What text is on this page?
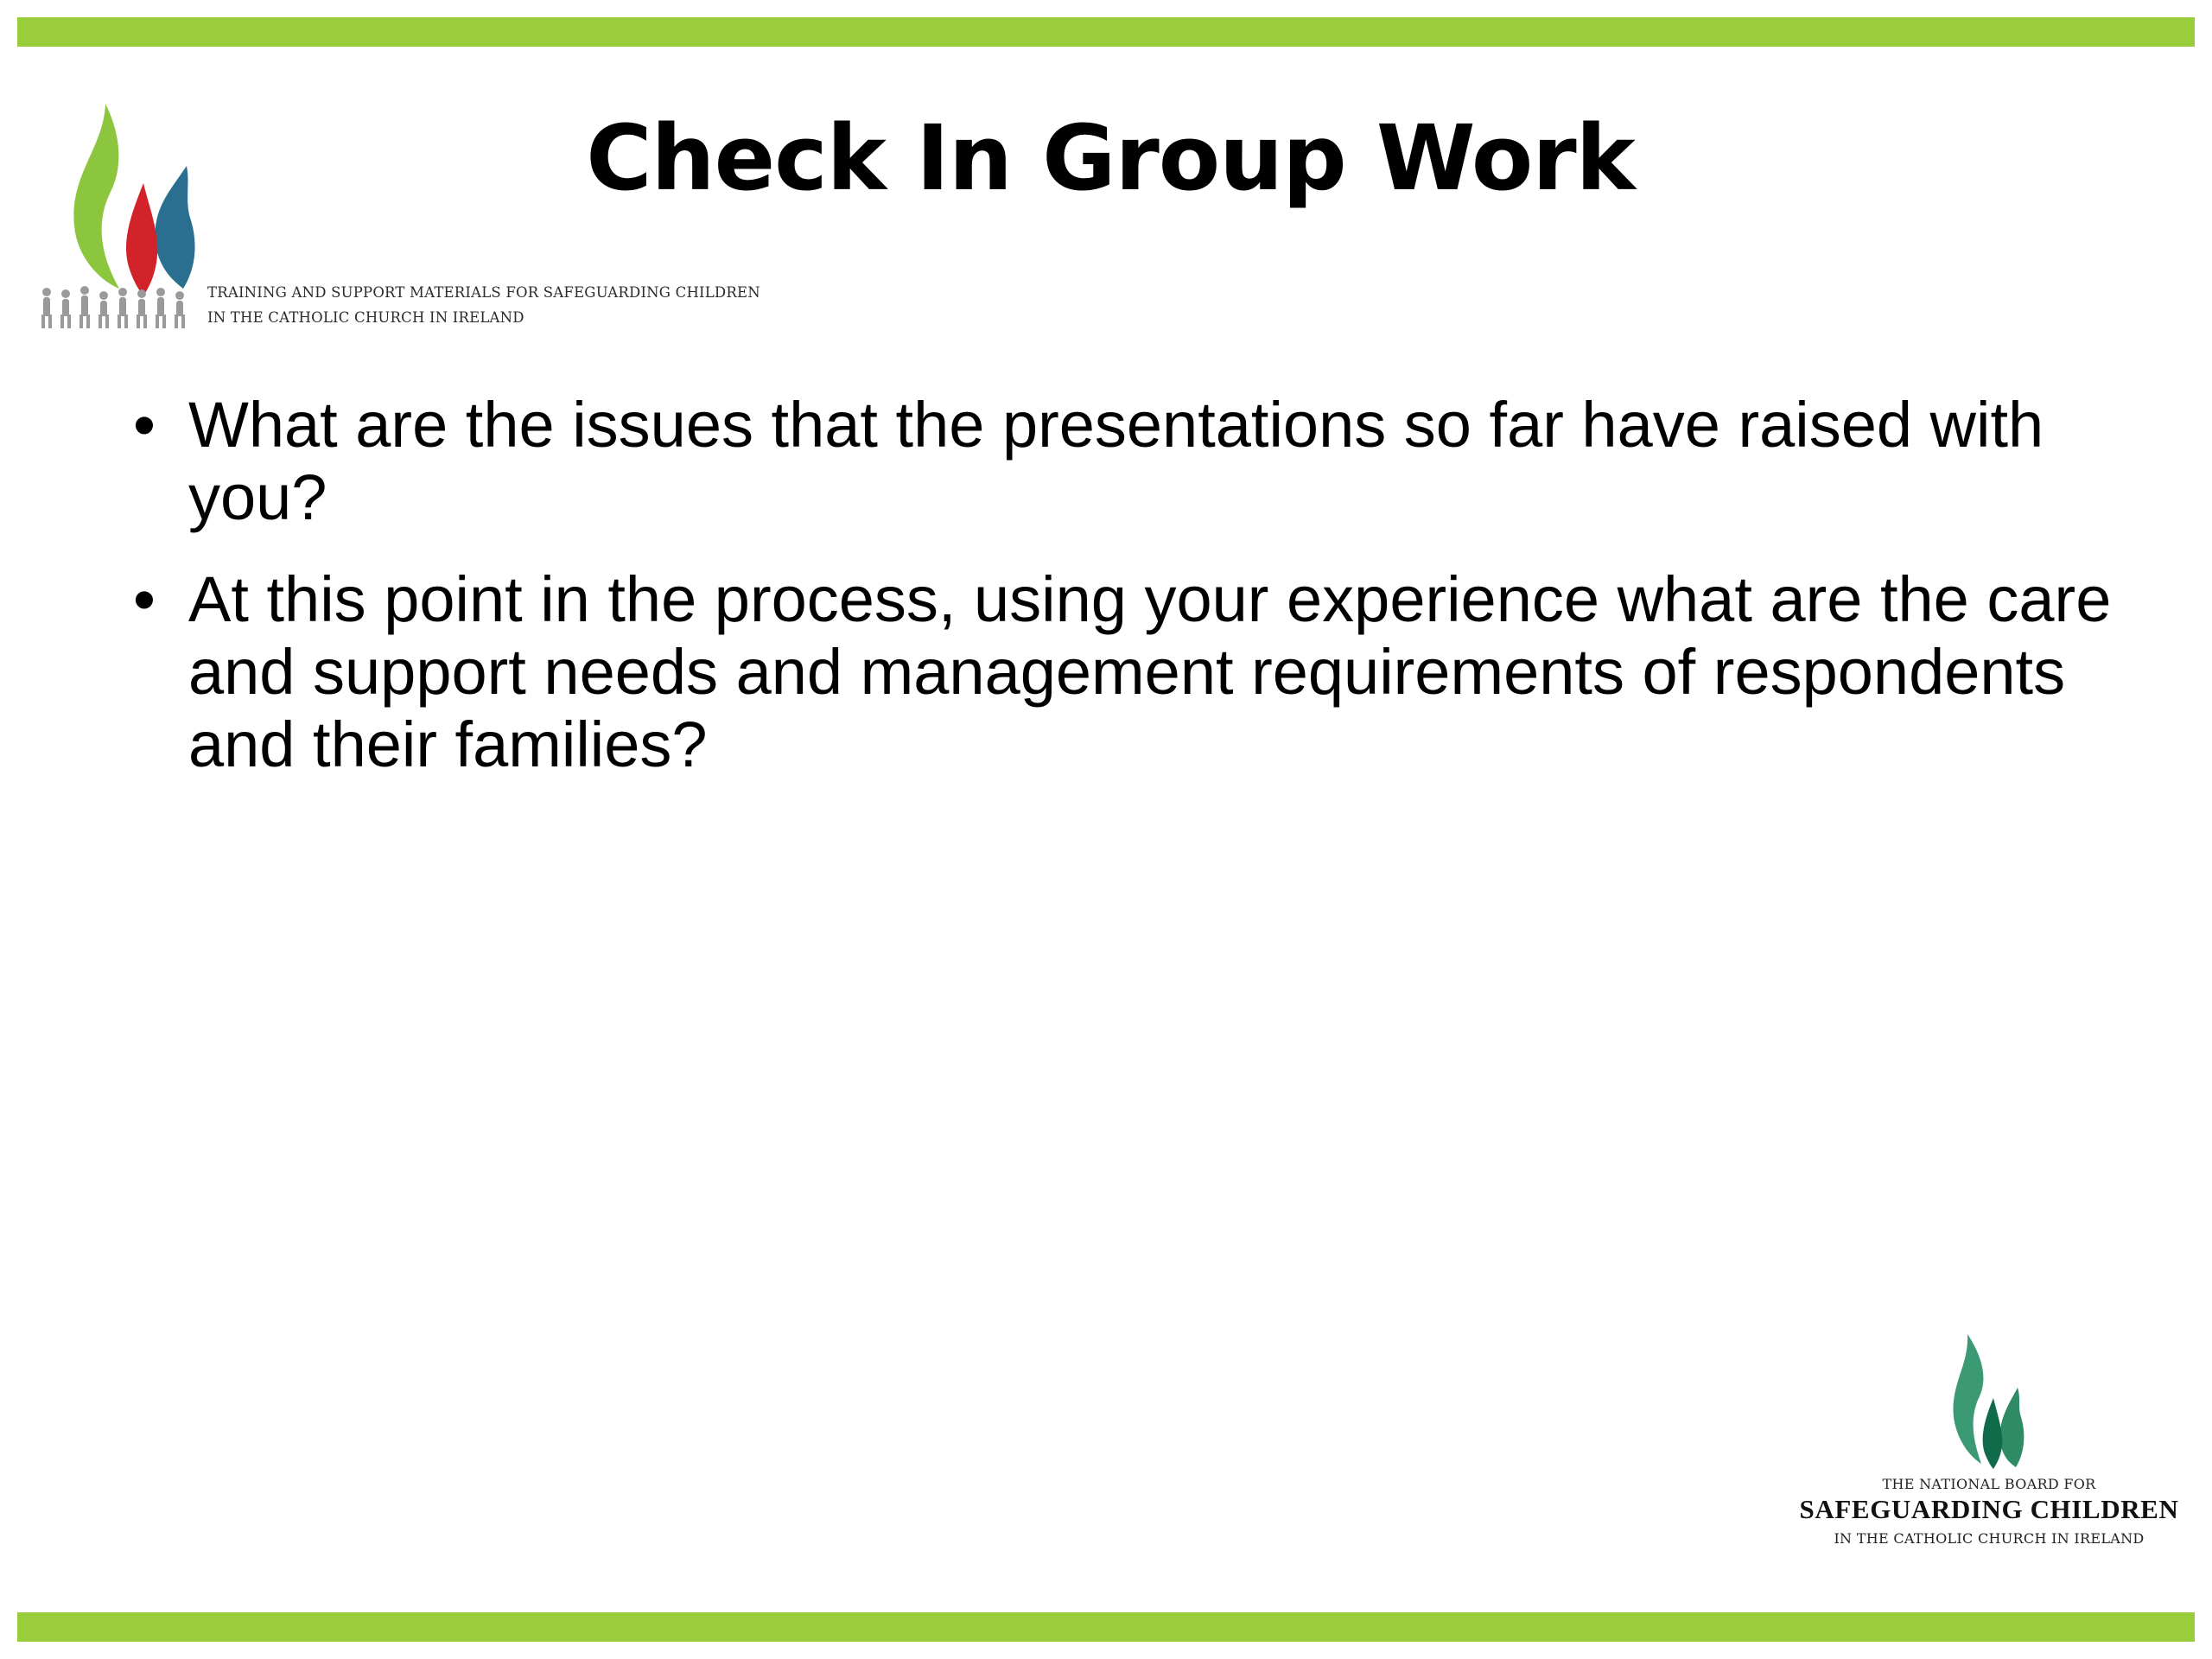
TRAINING AND SUPPORT MATERIALS FOR SAFEGUARDING CHILDREN
IN THE CATHOLIC CHURCH IN IRELAND
Check In Group Work
• What are the issues that the presentations so far have raised with you?
• At this point in the process, using your experience what are the care and support needs and management requirements of respondents and their families?
THE NATIONAL BOARD FOR
SAFEGUARDING CHILDREN
IN THE CATHOLIC CHURCH IN IRELAND
